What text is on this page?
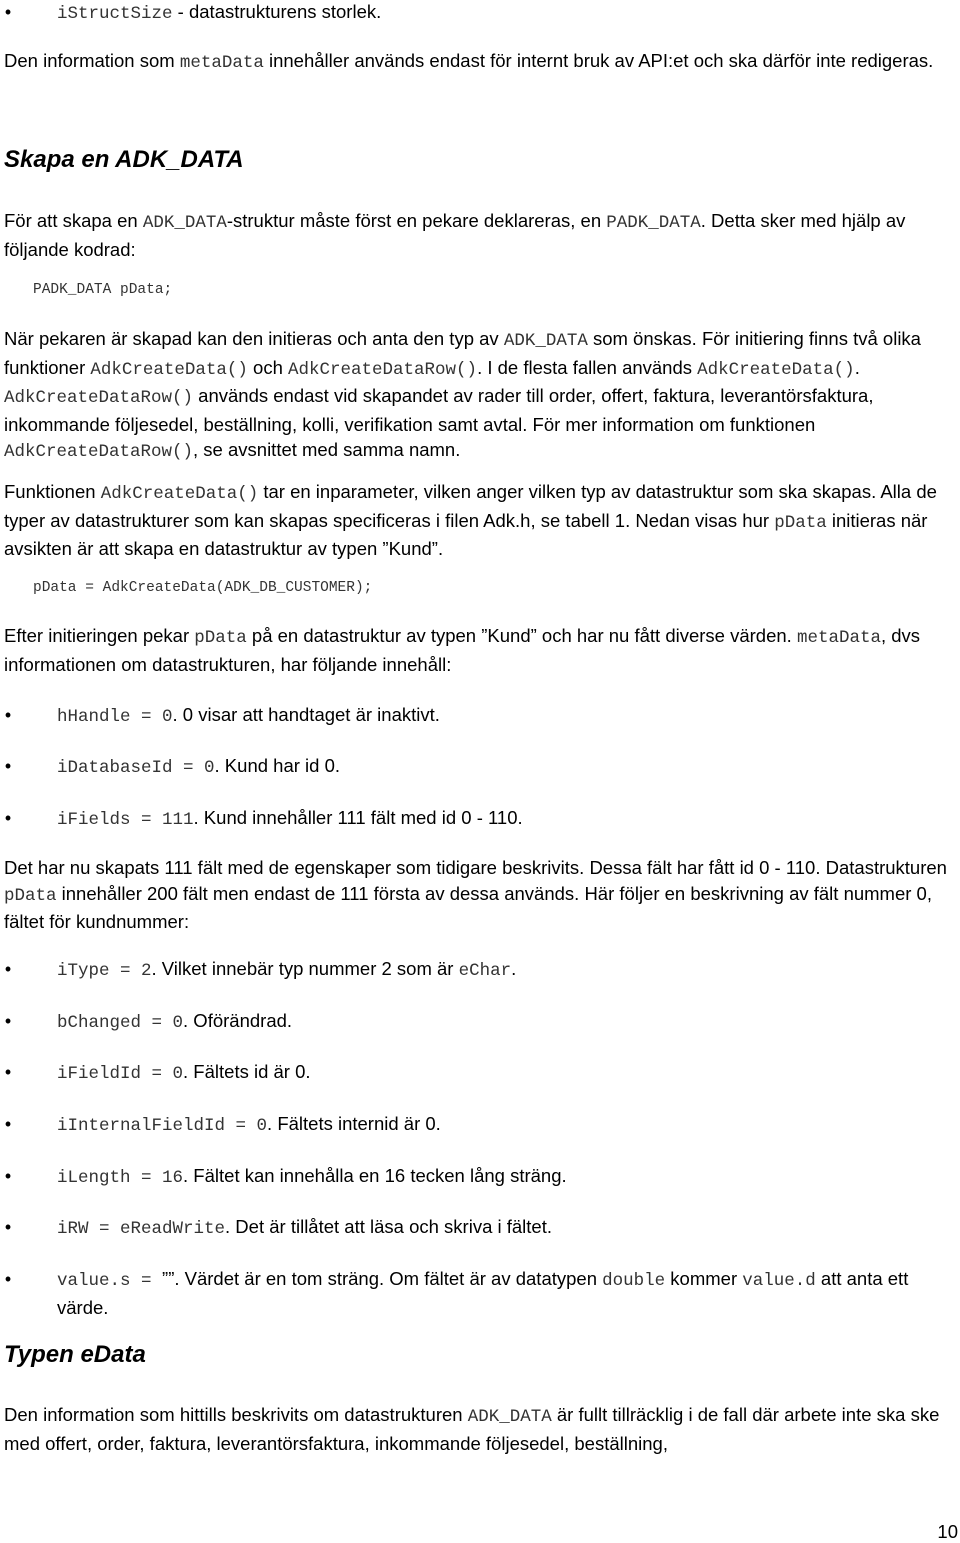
•
iStructSize - datastrukturens storlek.
Den information som metaData innehåller används endast för internt bruk av API:et och ska därför inte redigeras.
Skapa en ADK_DATA
För att skapa en ADK_DATA-struktur måste först en pekare deklareras, en PADK_DATA. Detta sker med hjälp av följande kodrad:
PADK_DATA pData;
När pekaren är skapad kan den initieras och anta den typ av ADK_DATA som önskas. För initiering finns två olika funktioner AdkCreateData() och AdkCreateDataRow(). I de flesta fallen används AdkCreateData(). AdkCreateDataRow() används endast vid skapandet av rader till order, offert, faktura, leverantörsfaktura, inkommande följesedel, beställning, kolli, verifikation samt avtal. För mer information om funktionen AdkCreateDataRow(), se avsnittet med samma namn.
Funktionen AdkCreateData() tar en inparameter, vilken anger vilken typ av datastruktur som ska skapas. Alla de typer av datastrukturer som kan skapas specificeras i filen Adk.h, se tabell 1. Nedan visas hur pData initieras när avsikten är att skapa en datastruktur av typen ”Kund”.
pData = AdkCreateData(ADK_DB_CUSTOMER);
Efter initieringen pekar pData på en datastruktur av typen ”Kund” och har nu fått diverse värden. metaData, dvs informationen om datastrukturen, har följande innehåll:
•
hHandle = 0. 0 visar att handtaget är inaktivt.
•
iDatabaseId = 0. Kund har id 0.
•
iFields = 111. Kund innehåller 111 fält med id 0 - 110.
Det har nu skapats 111 fält med de egenskaper som tidigare beskrivits. Dessa fält har fått id 0 - 110. Datastrukturen pData innehåller 200 fält men endast de 111 första av dessa används. Här följer en beskrivning av fält nummer 0, fältet för kundnummer:
•
iType = 2. Vilket innebär typ nummer 2 som är eChar.
•
bChanged = 0. Oförändrad.
•
iFieldId = 0. Fältets id är 0.
•
iInternalFieldId = 0. Fältets internid är 0.
•
iLength = 16. Fältet kan innehålla en 16 tecken lång sträng.
•
iRW = eReadWrite. Det är tillåtet att läsa och skriva i fältet.
•
value.s = ””. Värdet är en tom sträng. Om fältet är av datatypen double kommer value.d att anta ett värde.
Typen eData
Den information som hittills beskrivits om datastrukturen ADK_DATA är fullt tillräcklig i de fall där arbete inte ska ske med offert, order, faktura, leverantörsfaktura, inkommande följesedel, beställning,
10
